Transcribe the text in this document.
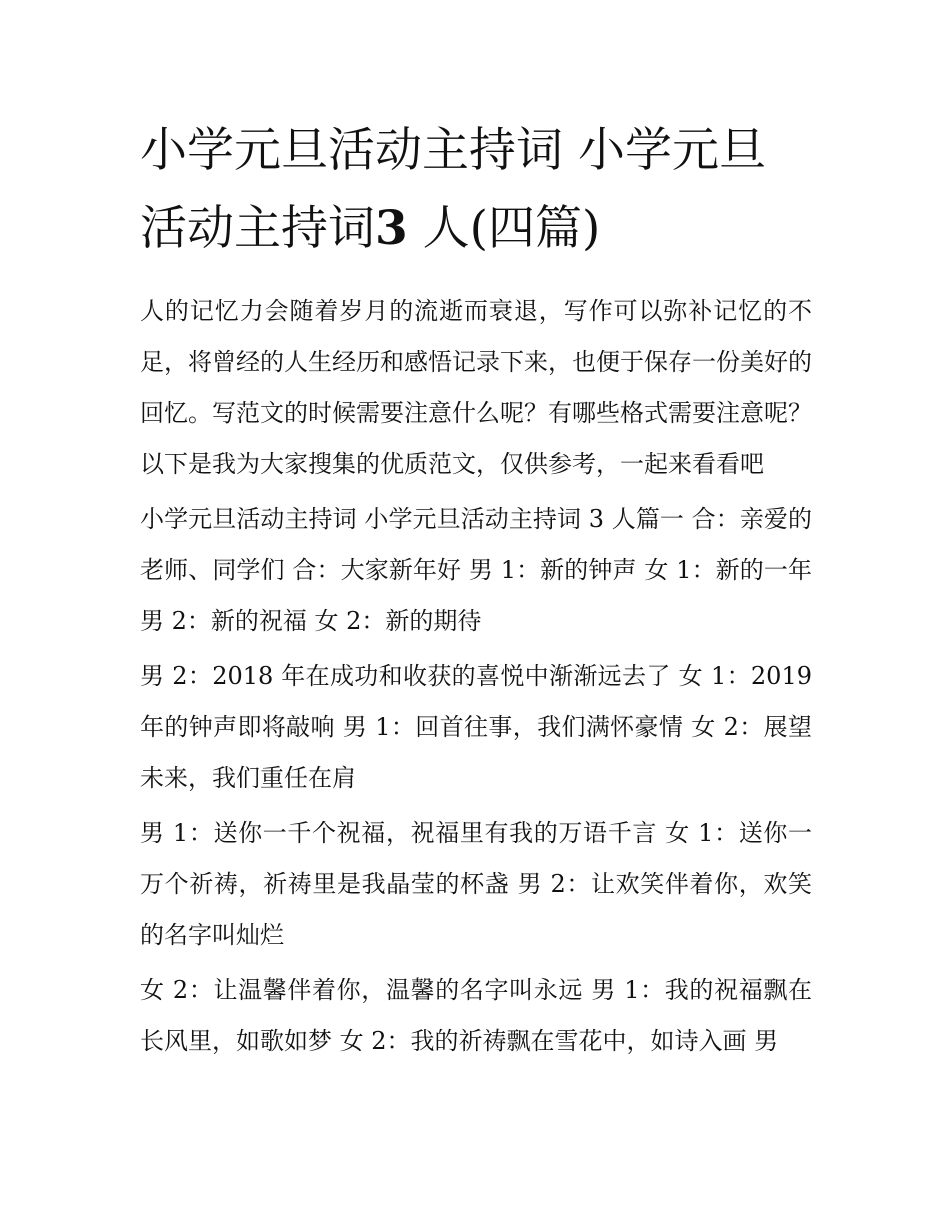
小学元旦活动主持词 小学元旦活动主持词3 人(四篇)

人的记忆力会随着岁月的流逝而衰退，写作可以弥补记忆的不足，将曾经的人生经历和感悟记录下来，也便于保存一份美好的回忆。写范文的时候需要注意什么呢？有哪些格式需要注意呢？以下是我为大家搜集的优质范文，仅供参考，一起来看看吧

小学元旦活动主持词 小学元旦活动主持词 3 人篇一 合：亲爱的老师、同学们 合：大家新年好 男 1：新的钟声 女 1：新的一年 男 2：新的祝福 女 2：新的期待

男 2：2018 年在成功和收获的喜悦中渐渐远去了 女 1：2019 年的钟声即将敲响 男 1：回首往事，我们满怀豪情 女 2：展望未来，我们重任在肩

男 1：送你一千个祝福，祝福里有我的万语千言 女 1：送你一万个祈祷，祈祷里是我晶莹的杯盏 男 2：让欢笑伴着你，欢笑的名字叫灿烂

女 2：让温馨伴着你，温馨的名字叫永远 男 1：我的祝福飘在长风里，如歌如梦 女 2：我的祈祷飘在雪花中，如诗入画 男
